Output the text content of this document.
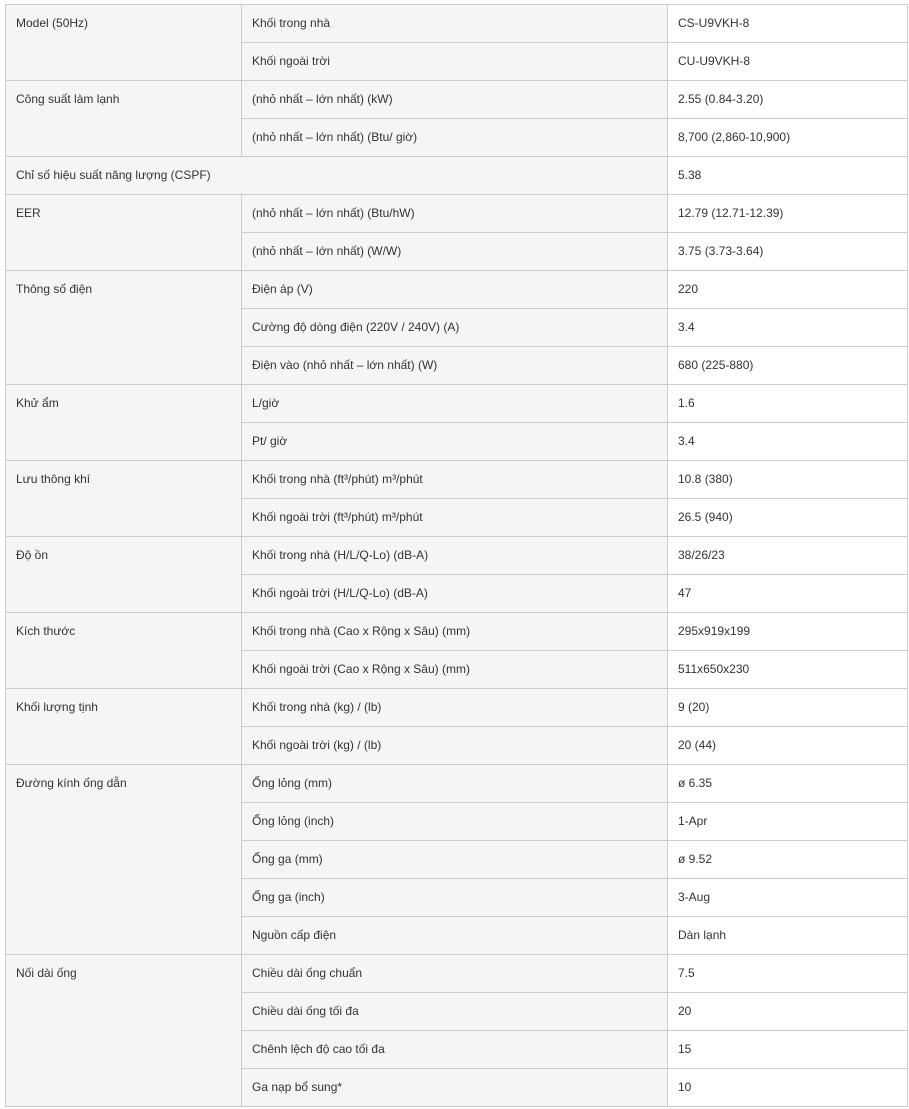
Model (50Hz)	Khối trong nhà	CS-U9VKH-8
	Khối ngoài trời	CU-U9VKH-8
Công suất làm lạnh	(nhỏ nhất – lớn nhất) (kW)	2.55 (0.84-3.20)
	(nhỏ nhất – lớn nhất) (Btu/ giờ)	8,700 (2,860-10,900)
Chỉ số hiệu suất năng lượng (CSPF)		5.38
EER	(nhỏ nhất – lớn nhất) (Btu/hW)	12.79 (12.71-12.39)
	(nhỏ nhất – lớn nhất) (W/W)	3.75 (3.73-3.64)
Thông số điện	Điện áp (V)	220
	Cường độ dòng điện (220V / 240V) (A)	3.4
	Điện vào (nhỏ nhất – lớn nhất) (W)	680 (225-880)
Khử ẩm	L/giờ	1.6
	Pt/ giờ	3.4
Lưu thông khí	Khối trong nhà (ft³/phút) m³/phút	10.8 (380)
	Khối ngoài trời (ft³/phút) m³/phút	26.5 (940)
Độ ồn	Khối trong nhà (H/L/Q-Lo) (dB-A)	38/26/23
	Khối ngoài trời (H/L/Q-Lo) (dB-A)	47
Kích thước	Khối trong nhà (Cao x Rộng x Sâu) (mm)	295x919x199
	Khối ngoài trời (Cao x Rộng x Sâu) (mm)	511x650x230
Khối lượng tịnh	Khối trong nhà (kg) / (lb)	9 (20)
	Khối ngoài trời (kg) / (lb)	20 (44)
Đường kính ống dẫn	Ống lỏng (mm)	ø 6.35
	Ống lỏng (inch)	1-Apr
	Ống ga (mm)	ø 9.52
	Ống ga (inch)	3-Aug
	Nguồn cấp điện	Dàn lạnh
Nối dài ống	Chiều dài ống chuẩn	7.5
	Chiều dài ống tối đa	20
	Chênh lệch độ cao tối đa	15
	Ga nạp bổ sung*	10
